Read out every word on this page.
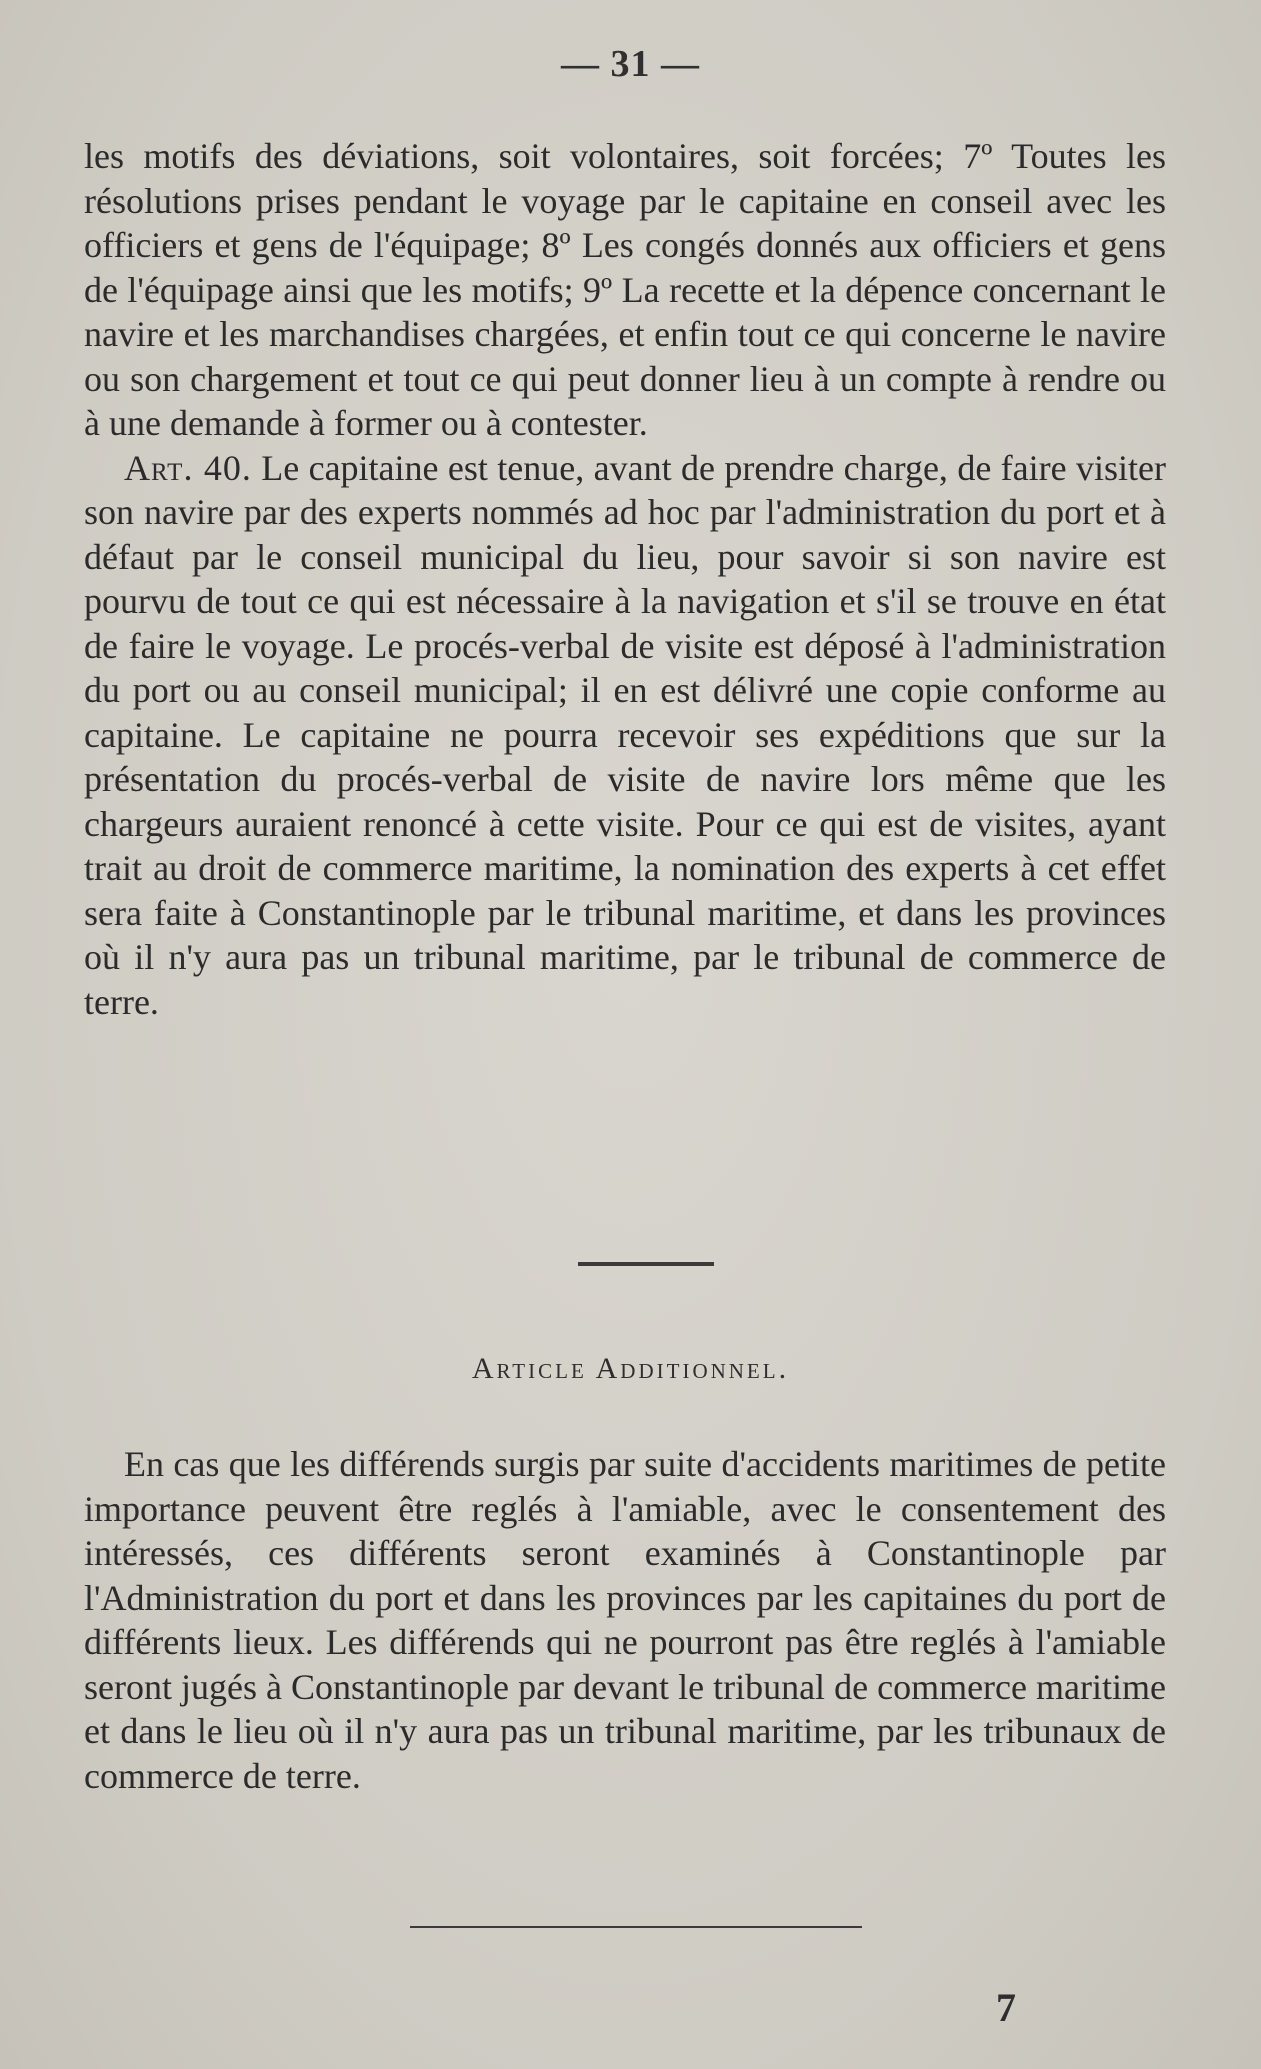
— 31 —

les motifs des déviations, soit volontaires, soit forcées; 7º Toutes les résolutions prises pendant le voyage par le capitaine en conseil avec les officiers et gens de l'équipage; 8º Les congés donnés aux officiers et gens de l'équipage ainsi que les motifs; 9º La recette et la dépence concernant le navire et les marchandises chargées, et enfin tout ce qui concerne le navire ou son chargement et tout ce qui peut donner lieu à un compte à rendre ou à une demande à former ou à contester.

Art. 40. Le capitaine est tenue, avant de prendre charge, de faire visiter son navire par des experts nommés ad hoc par l'administration du port et à défaut par le conseil municipal du lieu, pour savoir si son navire est pourvu de tout ce qui est nécessaire à la navigation et s'il se trouve en état de faire le voyage. Le procés-verbal de visite est déposé à l'administration du port ou au conseil municipal; il en est délivré une copie conforme au capitaine. Le capitaine ne pourra recevoir ses expéditions que sur la présentation du procés-verbal de visite de navire lors même que les chargeurs auraient renoncé à cette visite. Pour ce qui est de visites, ayant trait au droit de commerce maritime, la nomination des experts à cet effet sera faite à Constantinople par le tribunal maritime, et dans les provinces où il n'y aura pas un tribunal maritime, par le tribunal de commerce de terre.

Article Additionnel.

En cas que les différends surgis par suite d'accidents maritimes de petite importance peuvent être reglés à l'amiable, avec le consentement des intéressés, ces différents seront examinés à Constantinople par l'Administration du port et dans les provinces par les capitaines du port de différents lieux. Les différends qui ne pourront pas être reglés à l'amiable seront jugés à Constantinople par devant le tribunal de commerce maritime et dans le lieu où il n'y aura pas un tribunal maritime, par les tribunaux de commerce de terre.

7
